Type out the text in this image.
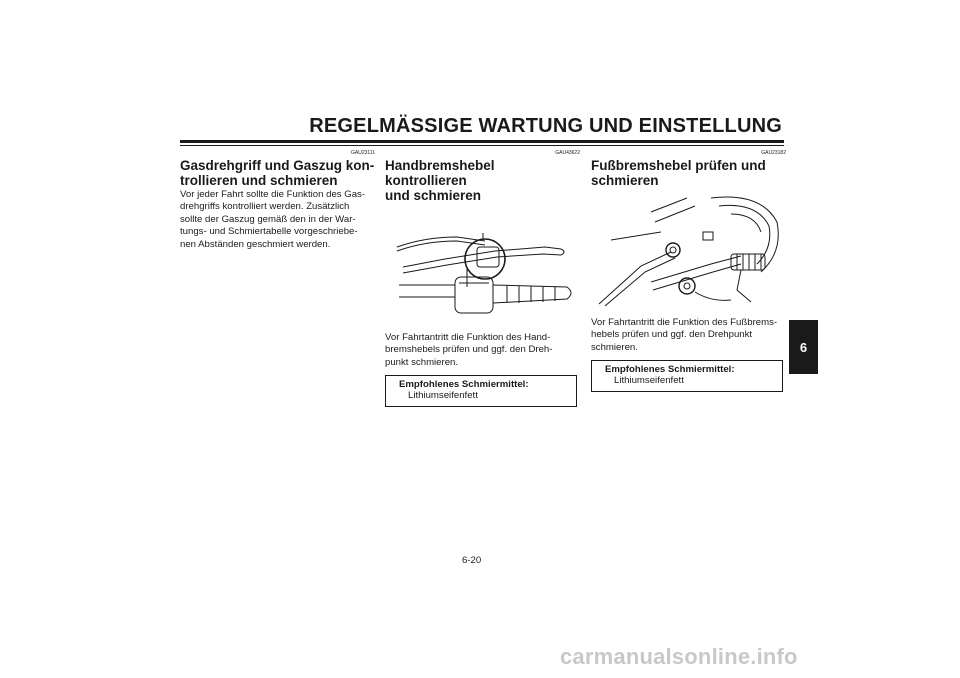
REGELMÄSSIGE WARTUNG UND EINSTELLUNG
GAU23111
Gasdrehgriff und Gaszug kon-
trollieren und schmieren
Vor jeder Fahrt sollte die Funktion des Gas-
drehgriffs kontrolliert werden. Zusätzlich
sollte der Gaszug gemäß den in der War-
tungs- und Schmiertabelle vorgeschriebe-
nen Abständen geschmiert werden.
GAU43622
Handbremshebel kontrollieren
und schmieren
Vor Fahrtantritt die Funktion des Hand-
bremshebels prüfen und ggf. den Dreh-
punkt schmieren.
Empfohlenes Schmiermittel:
Lithiumseifenfett
GAU23182
Fußbremshebel prüfen und
schmieren
Vor Fahrtantritt die Funktion des Fußbrems-
hebels prüfen und ggf. den Drehpunkt
schmieren.
Empfohlenes Schmiermittel:
Lithiumseifenfett
6
6-20
carmanualsonline.info
